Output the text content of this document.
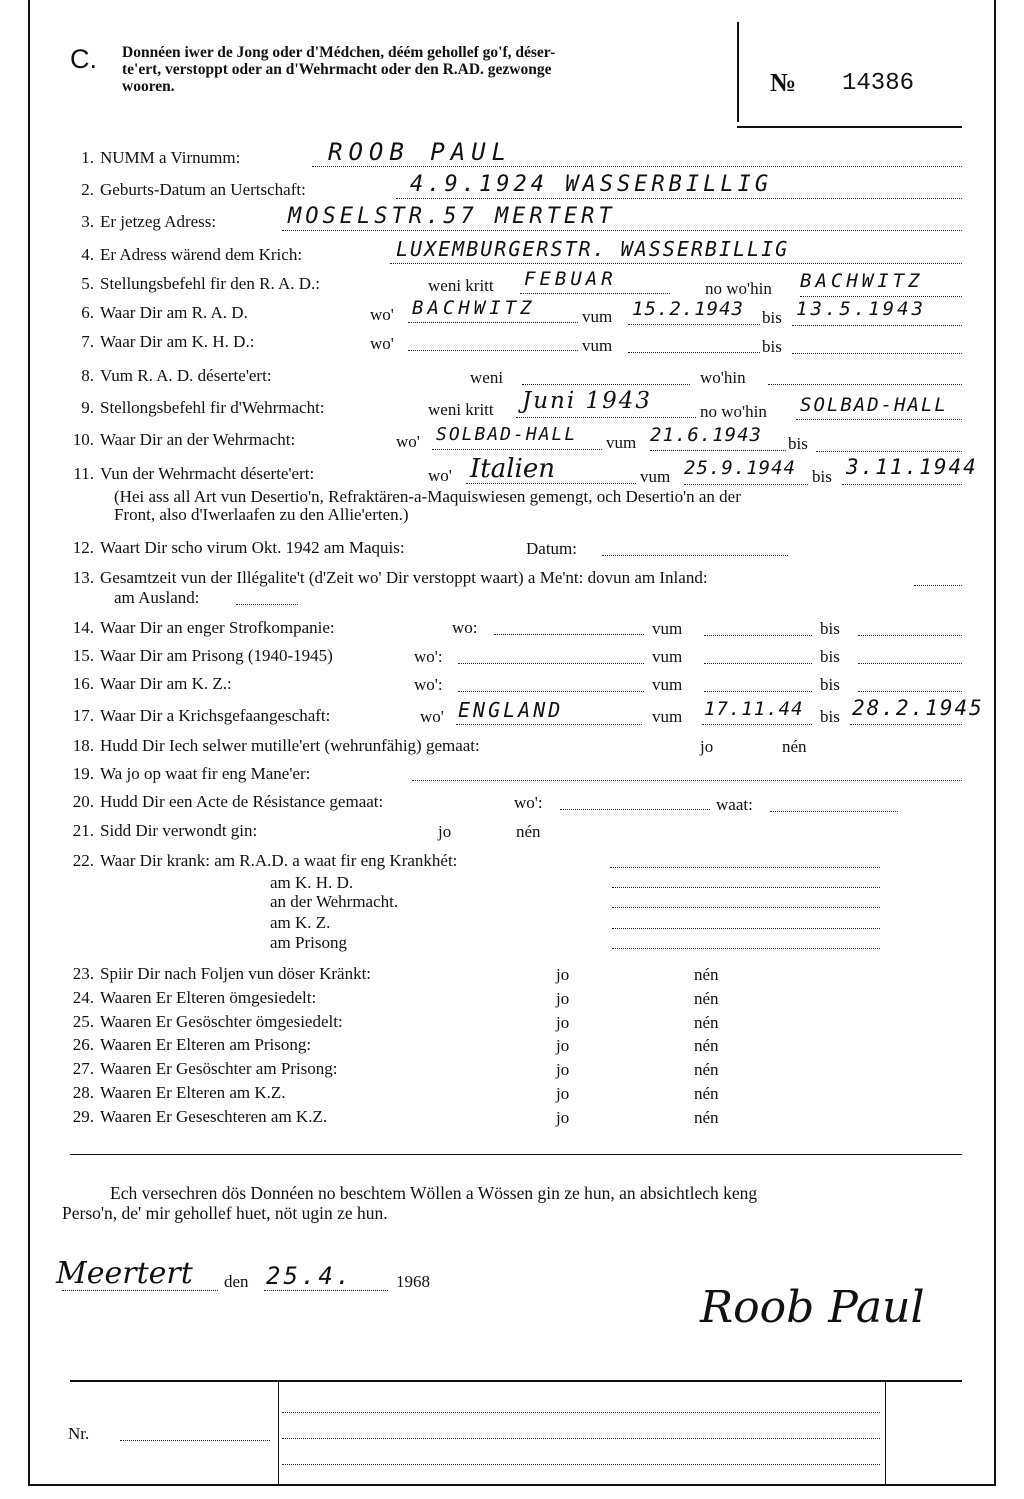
C. Donnéen iwer de Jong oder d'Médchen, déém gehollef go'f, déser-
te'ert, verstoppt oder an d'Wehrmacht oder den R.AD. gezwonge
wooren.	№ 14386
1. NUMM a Virnumm:	ROOB PAUL
2. Geburts-Datum an Uertschaft:	4.9.1924 WASSERBILLIG
3. Er jetzeg Adress:	MOSELSTR.57 MERTERT
4. Er Adress wärend dem Krich:	LUXEMBURGERSTR. WASSERBILLIG
5. Stellungsbefehl fir den R. A. D.:	weni kritt FEBUAR	no wo'hin BACHWITZ
6. Waar Dir am R. A. D.	wo' BACHWITZ	vum 15.2.1943 bis 13.5.1943
7. Waar Dir am K. H. D.:	wo'	vum	bis
8. Vum R. A. D. déserte'ert:	weni	wo'hin
9. Stellongsbefehl fir d'Wehrmacht:	weni kritt Juni 1943	no wo'hin SOLBAD-HALL
10. Waar Dir an der Wehrmacht:	wo' SOLBAD-HALL vum 21.6.1943 bis
11. Vun der Wehrmacht déserte'ert:	wo' Italien	vum 25.9.1944 bis 3.11.1944
(Hei ass all Art vun Desertio'n, Refraktären-a-Maquiswiesen gemengt, och Desertio'n an der
Front, also d'Iwerlaafen zu den Allie'erten.)
12. Waart Dir scho virum Okt. 1942 am Maquis:	Datum:
13. Gesamtzeit vun der Illégalite't (d'Zeit wo' Dir verstoppt waart) a Me'nt: dovun am Inland:
am Ausland:
14. Waar Dir an enger Strofkompanie:	wo:	vum	bis
15. Waar Dir am Prisong (1940-1945)	wo':	vum	bis
16. Waar Dir am K. Z.:	wo':	vum	bis
17. Waar Dir a Krichsgefaangeschaft:	wo' ENGLAND	vum 17.11.44 bis 28.2.1945
18. Hudd Dir Iech selwer mutille'ert (wehrunfähig) gemaat:	jo	nén
19. Wa jo op waat fir eng Mane'er:
20. Hudd Dir een Acte de Résistance gemaat:	wo':	waat:
21. Sidd Dir verwondt gin:	jo	nén
22. Waar Dir krank: am R.A.D. a waat fir eng Krankhét:
am K. H. D.
an der Wehrmacht.
am K. Z.
am Prisong
23. Spiir Dir nach Foljen vun döser Kränkt:	jo	nén
24. Waaren Er Elteren ömgesiedelt:	jo	nén
25. Waaren Er Gesöschter ömgesiedelt:	jo	nén
26. Waaren Er Elteren am Prisong:	jo	nén
27. Waaren Er Gesöschter am Prisong:	jo	nén
28. Waaren Er Elteren am K.Z.	jo	nén
29. Waaren Er Geseschteren am K.Z.	jo	nén
Ech versechren dös Donnéen no beschtem Wöllen a Wössen gin ze hun, an absichtlech keng
Perso'n, de' mir gehollef huet, nöt ugin ze hun.
Meertert den 25.4.	1968
Roob Paul
Nr.
